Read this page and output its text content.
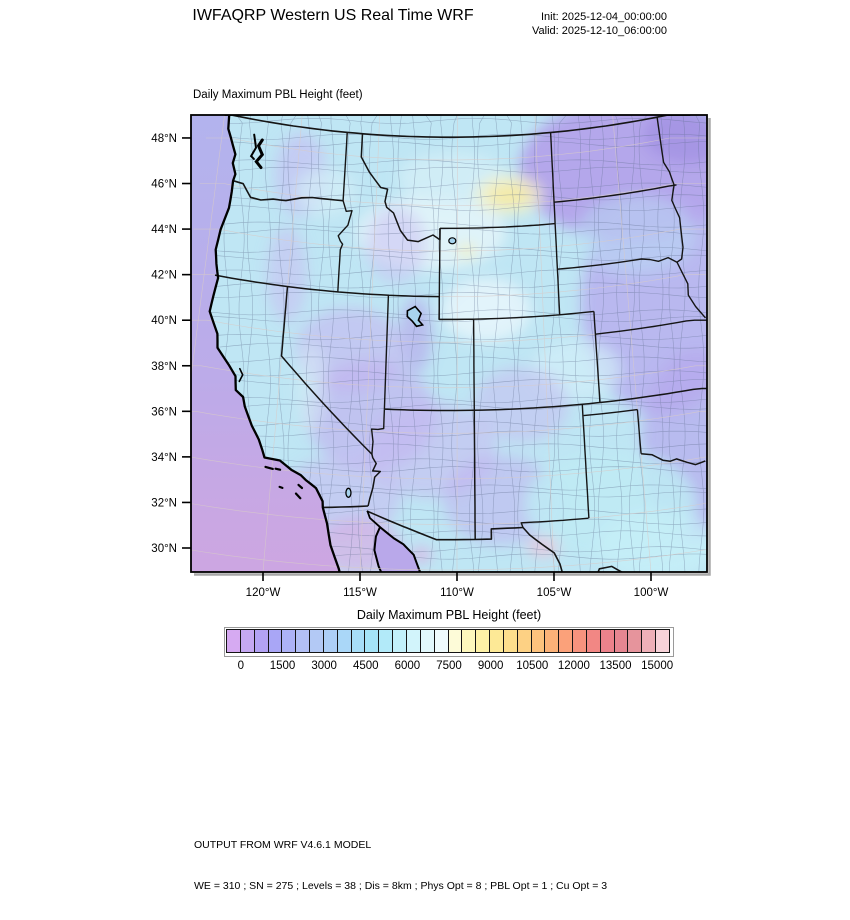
IWFAQRP Western US Real Time WRF	Init: 2025-12-04_00:00:00
Valid: 2025-12-10_06:00:00
Daily Maximum PBL Height (feet)
48°N
46°N
44°N
42°N
40°N
38°N
36°N
34°N
32°N
30°N
120°W	115°W	110°W	105°W	100°W
Daily Maximum PBL Height (feet)
0 1500 3000 4500 6000 7500 9000 10500 12000 13500 15000

OUTPUT FROM WRF V4.6.1 MODEL

WE = 310 ; SN = 275 ; Levels = 38 ; Dis = 8km ; Phys Opt = 8 ; PBL Opt = 1 ; Cu Opt = 3
